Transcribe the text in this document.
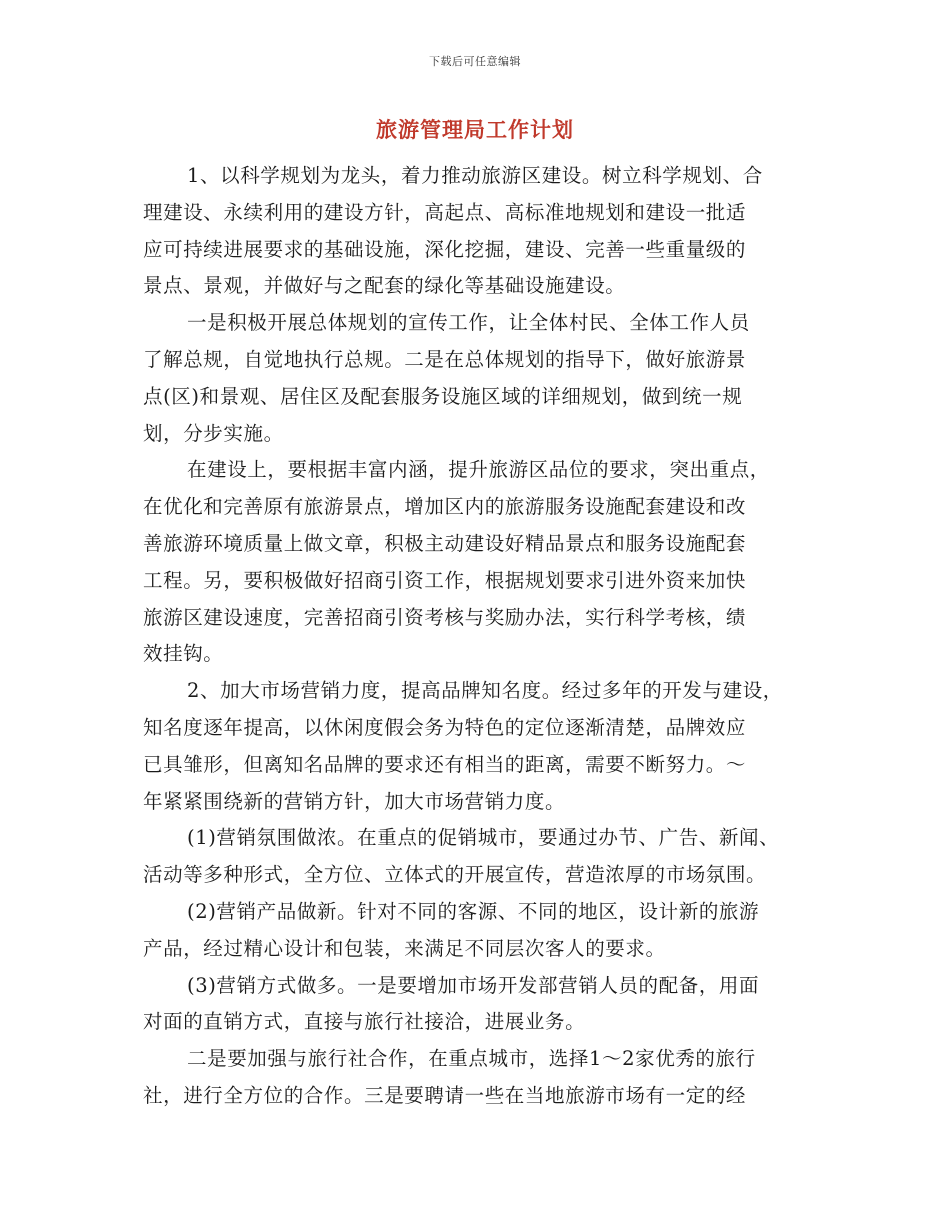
下载后可任意编辑
旅游管理局工作计划
1、以科学规划为龙头，着力推动旅游区建设。树立科学规划、合
理建设、永续利用的建设方针，高起点、高标准地规划和建设一批适
应可持续进展要求的基础设施，深化挖掘，建设、完善一些重量级的
景点、景观，并做好与之配套的绿化等基础设施建设。
一是积极开展总体规划的宣传工作，让全体村民、全体工作人员
了解总规，自觉地执行总规。二是在总体规划的指导下，做好旅游景
点(区)和景观、居住区及配套服务设施区域的详细规划，做到统一规
划，分步实施。
在建设上，要根据丰富内涵，提升旅游区品位的要求，突出重点，
在优化和完善原有旅游景点，增加区内的旅游服务设施配套建设和改
善旅游环境质量上做文章，积极主动建设好精品景点和服务设施配套
工程。另，要积极做好招商引资工作，根据规划要求引进外资来加快
旅游区建设速度，完善招商引资考核与奖励办法，实行科学考核，绩
效挂钩。
2、加大市场营销力度，提高品牌知名度。经过多年的开发与建设，
知名度逐年提高，以休闲度假会务为特色的定位逐渐清楚，品牌效应
已具雏形，但离知名品牌的要求还有相当的距离，需要不断努力。～
年紧紧围绕新的营销方针，加大市场营销力度。
(1)营销氛围做浓。在重点的促销城市，要通过办节、广告、新闻、
活动等多种形式，全方位、立体式的开展宣传，营造浓厚的市场氛围。
(2)营销产品做新。针对不同的客源、不同的地区，设计新的旅游
产品，经过精心设计和包装，来满足不同层次客人的要求。
(3)营销方式做多。一是要增加市场开发部营销人员的配备，用面
对面的直销方式，直接与旅行社接洽，进展业务。
二是要加强与旅行社合作，在重点城市，选择1～2家优秀的旅行
社，进行全方位的合作。三是要聘请一些在当地旅游市场有一定的经
